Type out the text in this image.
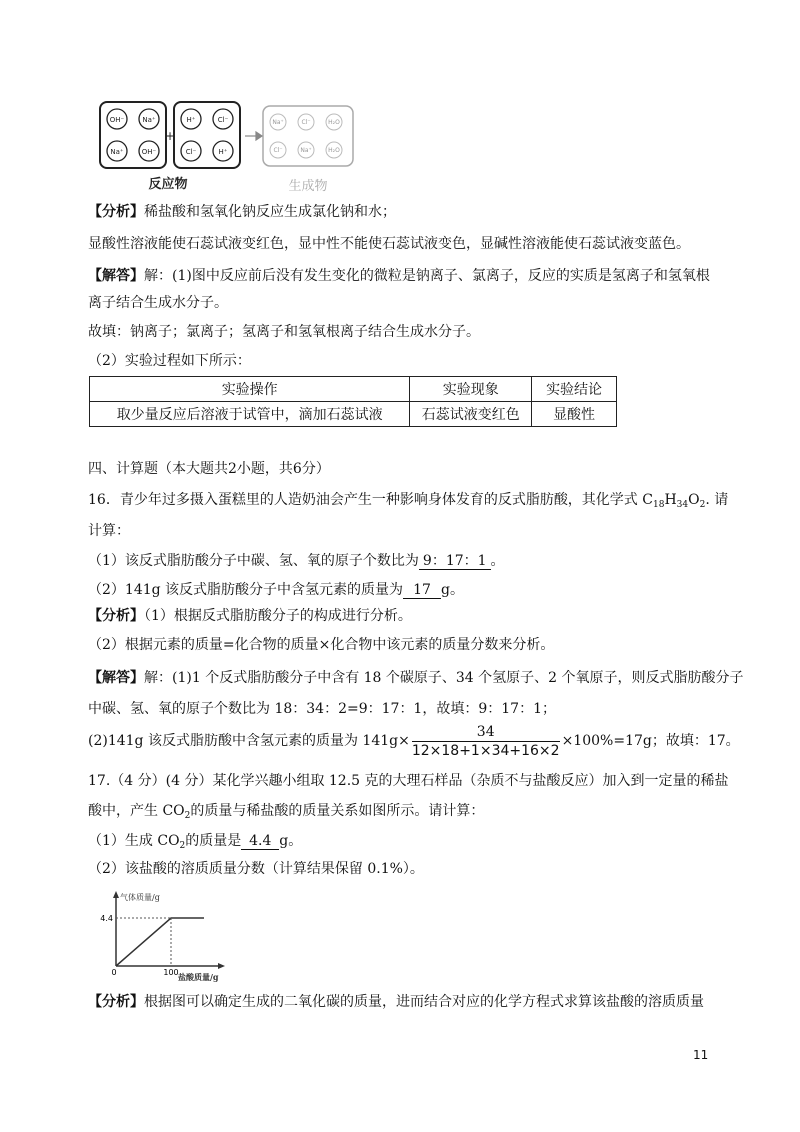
OH⁻	Na⁺
Na⁺	OH⁻
H⁺	Cl⁻
Cl⁻	H⁺
Na⁺	Cl⁻	H₂O
Cl⁻	Na⁺	H₂O
+
反应物	生成物
【分析】稀盐酸和氢氧化钠反应生成氯化钠和水；
显酸性溶液能使石蕊试液变红色，显中性不能使石蕊试液变色，显碱性溶液能使石蕊试液变蓝色。
【解答】解：(1)图中反应前后没有发生变化的微粒是钠离子、氯离子，反应的实质是氢离子和氢氧根
离子结合生成水分子。
故填：钠离子；氯离子；氢离子和氢氧根离子结合生成水分子。
（2）实验过程如下所示：
实验操作	实验现象	实验结论
取少量反应后溶液于试管中，滴加石蕊试液	石蕊试液变红色	显酸性
四、计算题（本大题共2小题，共6分）
16．青少年过多摄入蛋糕里的人造奶油会产生一种影响身体发育的反式脂肪酸，其化学式 $C_{18}H_{34}O_2$. 请
计算：
（1）该反式脂肪酸分子中碳、氢、氧的原子个数比为 9：17：1 。
（2）141g 该反式脂肪酸分子中含氢元素的质量为 17 g。
【分析】（1）根据反式脂肪酸分子的构成进行分析。
（2）根据元素的质量=化合物的质量×化合物中该元素的质量分数来分析。
【解答】解：(1)1 个反式脂肪酸分子中含有 18 个碳原子、34 个氢原子、2 个氧原子，则反式脂肪酸分子
中碳、氢、氧的原子个数比为 18：34：2=9：17：1，故填：9：17：1；
(2)141g 该反式脂肪酸中含氢元素的质量为 $141g\times \frac{34}{12\times 18+1\times 34+16\times 2} \times 100\%=17g$；故填：17。
17.（4 分）(4 分）某化学兴趣小组取 12.5 克的大理石样品（杂质不与盐酸反应）加入到一定量的稀盐
酸中，产生 $CO_2$的质量与稀盐酸的质量关系如图所示。请计算：
（1）生成 $CO_2$的质量是 4.4 g。
（2）该盐酸的溶质质量分数（计算结果保留 0.1%）。
气体质量/g
盐酸质量/g
4.4
0	100
【分析】根据图可以确定生成的二氧化碳的质量，进而结合对应的化学方程式求算该盐酸的溶质质量
11
